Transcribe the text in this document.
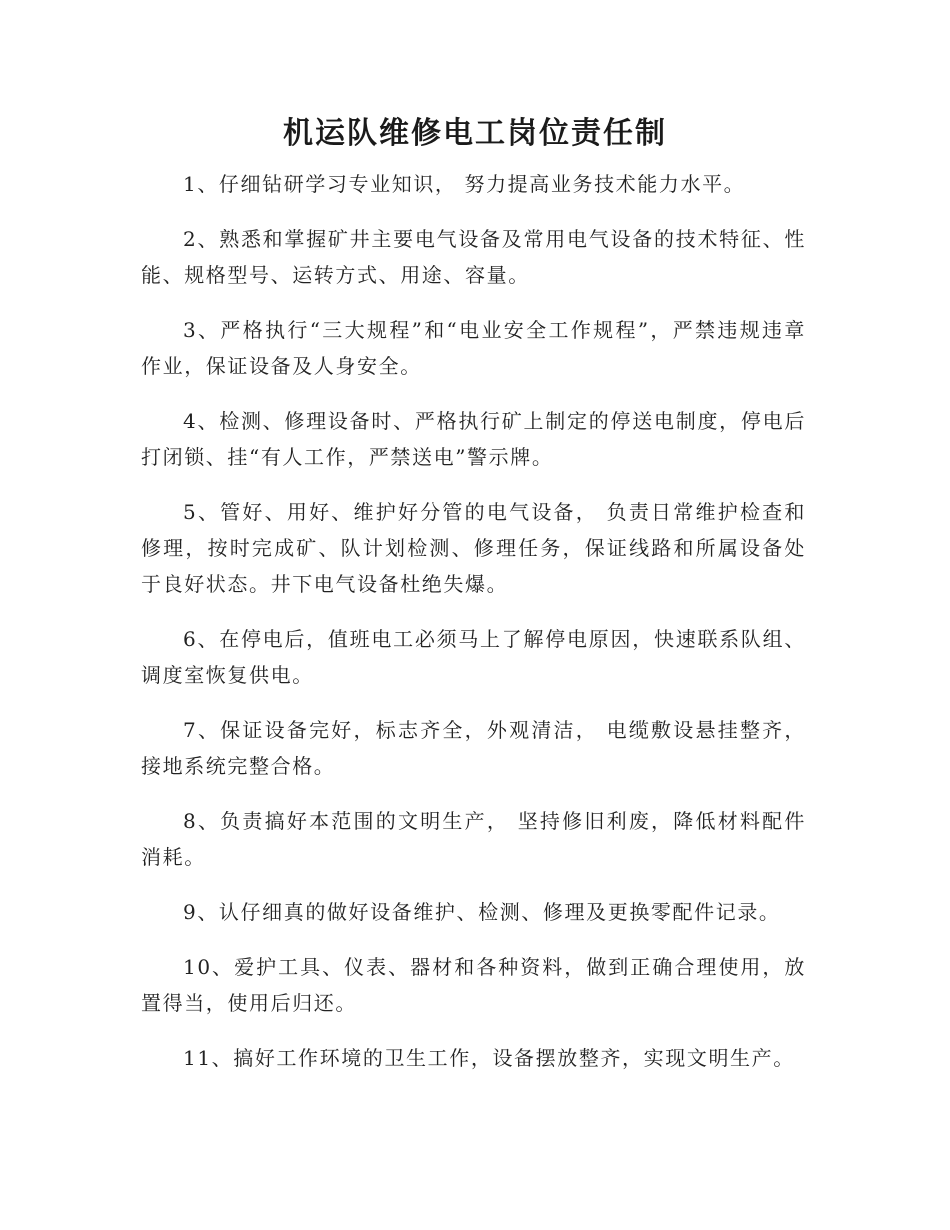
机运队维修电工岗位责任制

1、仔细钻研学习专业知识， 努力提高业务技术能力水平。

2、熟悉和掌握矿井主要电气设备及常用电气设备的技术特征、性能、规格型号、运转方式、用途、容量。

3、严格执行“三大规程”和“电业安全工作规程”，严禁违规违章作业，保证设备及人身安全。

4、检测、修理设备时、严格执行矿上制定的停送电制度，停电后打闭锁、挂“有人工作，严禁送电”警示牌。

5、管好、用好、维护好分管的电气设备， 负责日常维护检查和修理，按时完成矿、队计划检测、修理任务，保证线路和所属设备处于良好状态。井下电气设备杜绝失爆。

6、在停电后，值班电工必须马上了解停电原因，快速联系队组、调度室恢复供电。

7、保证设备完好，标志齐全，外观清洁， 电缆敷设悬挂整齐，接地系统完整合格。

8、负责搞好本范围的文明生产， 坚持修旧利废，降低材料配件消耗。

9、认仔细真的做好设备维护、检测、修理及更换零配件记录。

10、爱护工具、仪表、器材和各种资料，做到正确合理使用，放置得当，使用后归还。

11、搞好工作环境的卫生工作，设备摆放整齐，实现文明生产。
